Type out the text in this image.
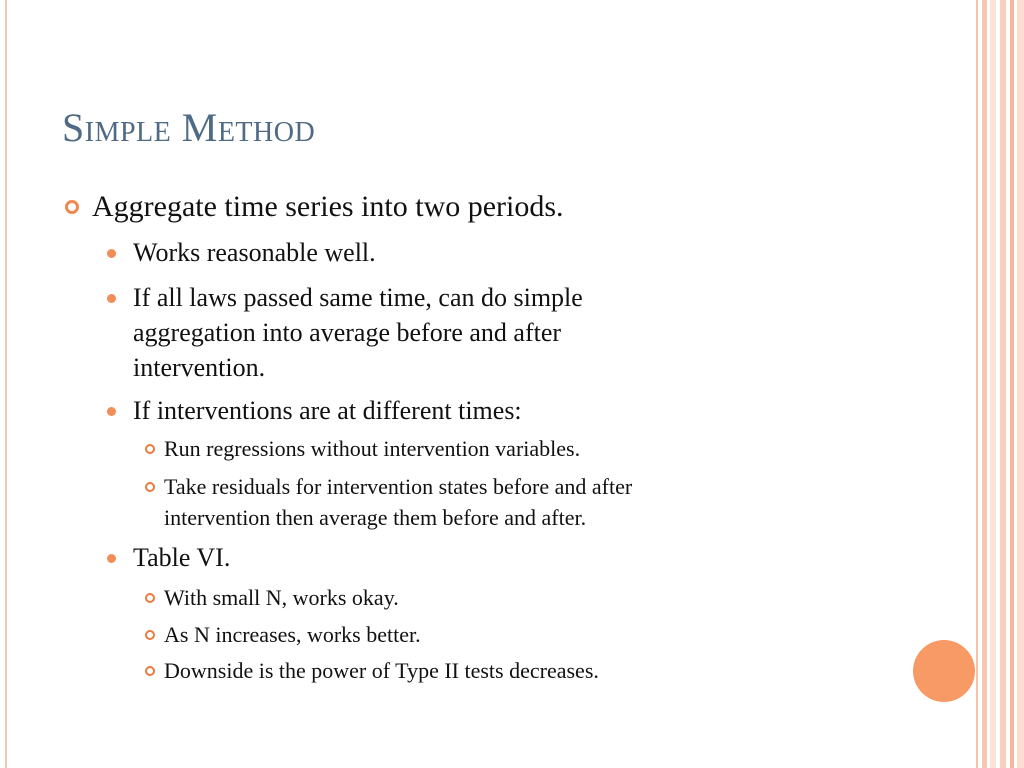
Simple Method
Aggregate time series into two periods.
Works reasonable well.
If all laws passed same time, can do simple
aggregation into average before and after
intervention.
If interventions are at different times:
Run regressions without intervention variables.
Take residuals for intervention states before and after
intervention then average them before and after.
Table VI.
With small N, works okay.
As N increases, works better.
Downside is the power of Type II tests decreases.
